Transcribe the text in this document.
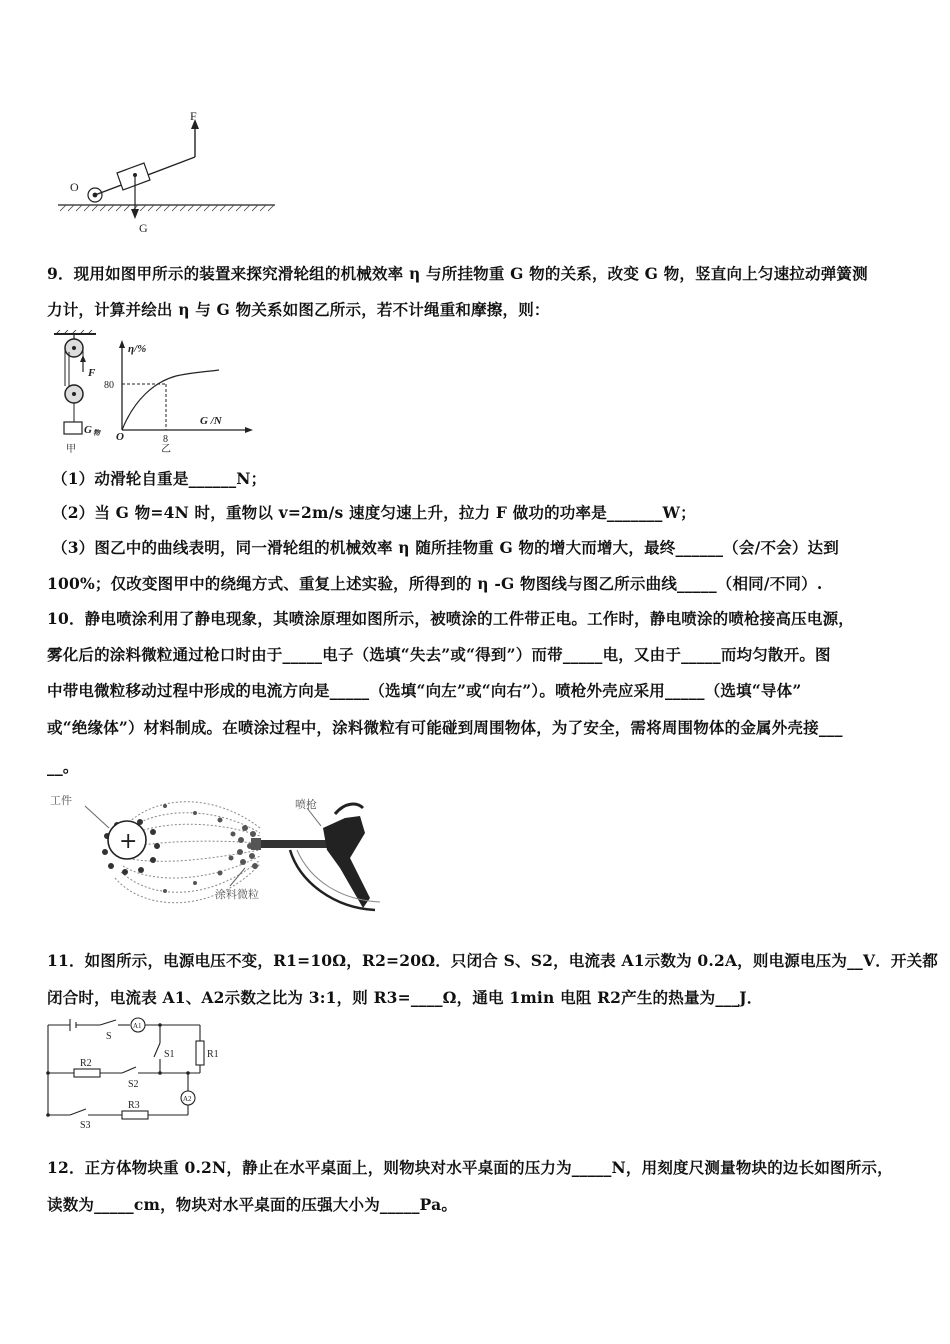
F
O
G
9．现用如图甲所示的装置来探究滑轮组的机械效率 η 与所挂物重 G 物的关系，改变 G 物，竖直向上匀速拉动弹簧测
力计，计算并绘出 η 与 G 物关系如图乙所示，若不计绳重和摩擦，则：
F
G 物
甲
η/%
G /N
O
80
8
乙
（1）动滑轮自重是______N；
（2）当 G 物=4N 时，重物以 v=2m/s 速度匀速上升，拉力 F 做功的功率是_______W；
（3）图乙中的曲线表明，同一滑轮组的机械效率 η 随所挂物重 G 物的增大而增大，最终______（会/不会）达到
100%；仅改变图甲中的绕绳方式、重复上述实验，所得到的 η -G 物图线与图乙所示曲线_____（相同/不同）.
10．静电喷涂利用了静电现象，其喷涂原理如图所示，被喷涂的工件带正电。工作时，静电喷涂的喷枪接高压电源，
雾化后的涂料微粒通过枪口时由于_____电子（选填“失去”或“得到”）而带_____电，又由于_____而均匀散开。图
中带电微粒移动过程中形成的电流方向是_____（选填“向左”或“向右”）。喷枪外壳应采用_____（选填“导体”
或“绝缘体”）材料制成。在喷涂过程中，涂料微粒有可能碰到周围物体，为了安全，需将周围物体的金属外壳接___
__。
+
工件	喷枪
涂料微粒
11．如图所示，电源电压不变，R1=10Ω，R2=20Ω．只闭合 S、S2，电流表 A1示数为 0.2A，则电源电压为__V．开关都
闭合时，电流表 A1、A2示数之比为 3:1，则 R3=____Ω，通电 1min 电阻 R2产生的热量为___J．
S
A1
S1	R1
R2
S2
A2
S3
R3
12．正方体物块重 0.2N，静止在水平桌面上，则物块对水平桌面的压力为_____N，用刻度尺测量物块的边长如图所示，
读数为_____cm，物块对水平桌面的压强大小为_____Pa。
